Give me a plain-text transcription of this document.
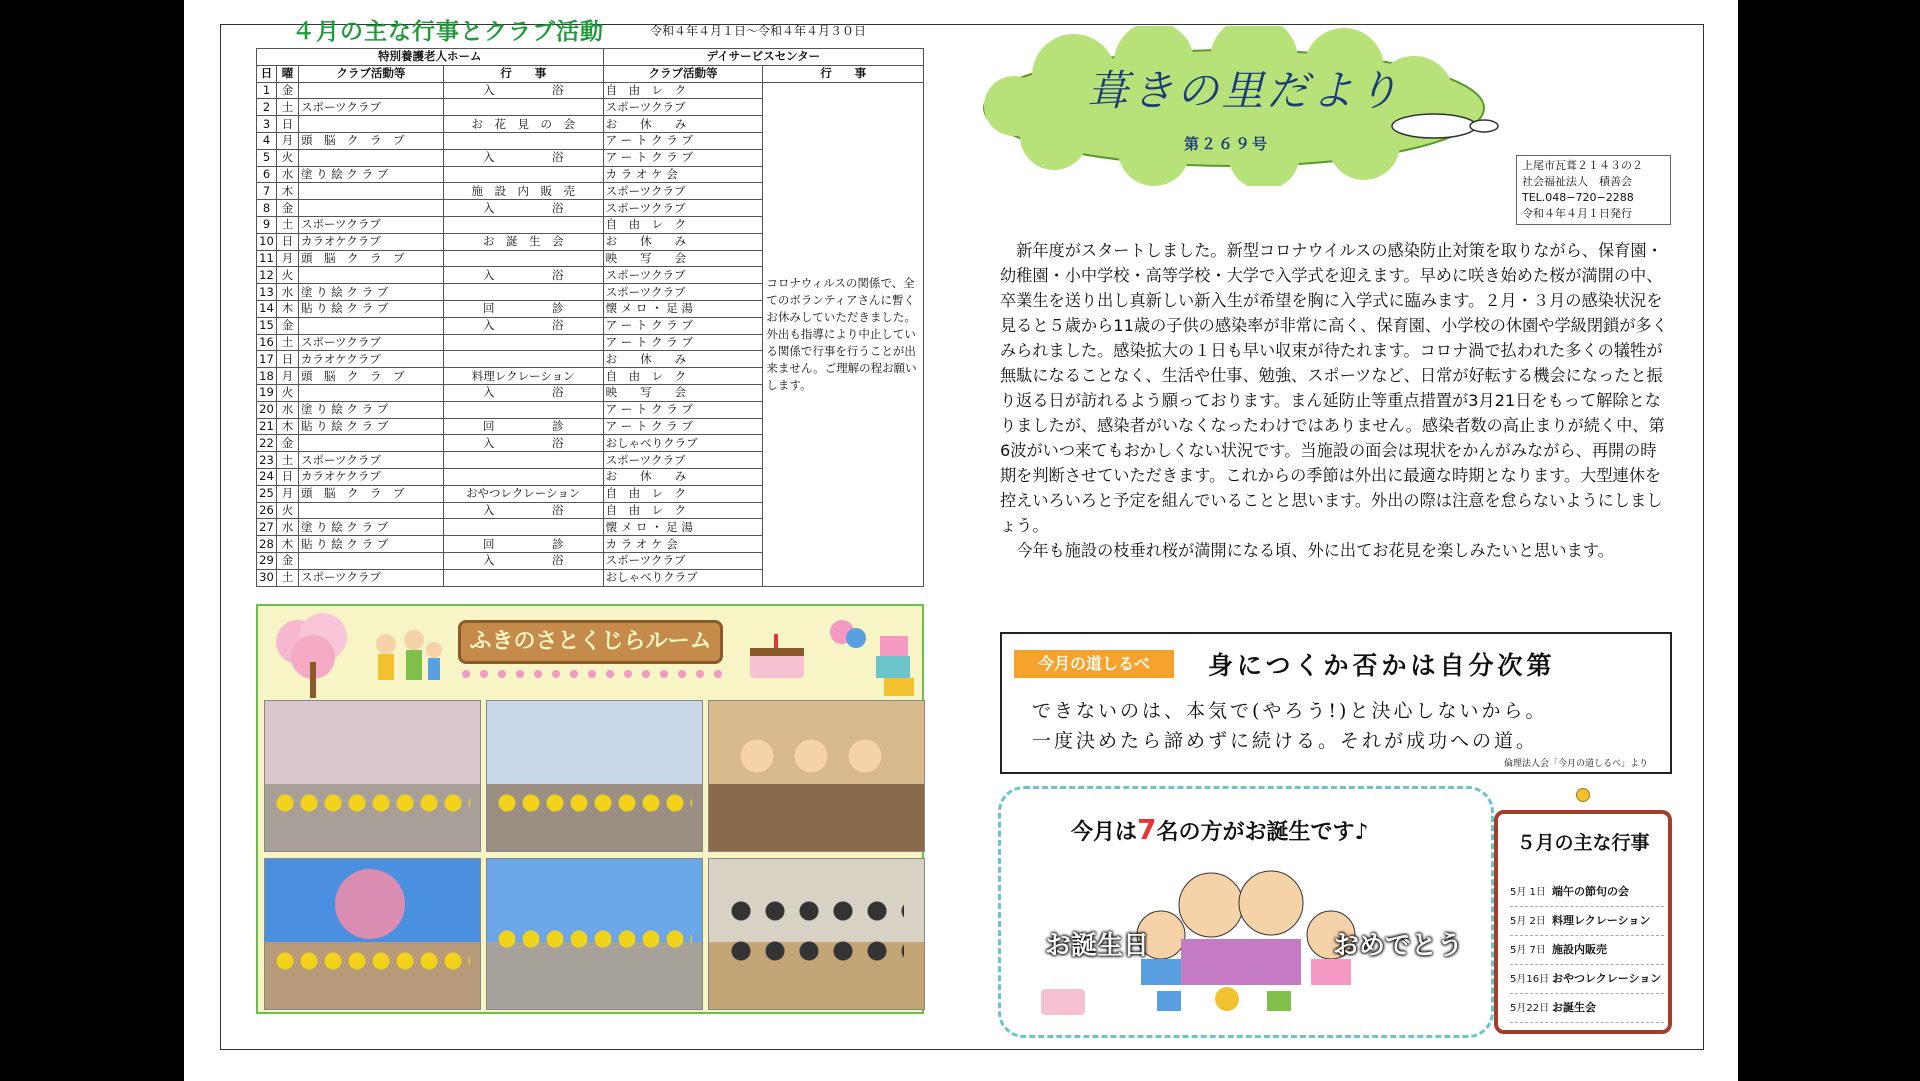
４月の主な行事とクラブ活動	令和４年４月１日〜令和４年４月３０日
特別養護老人ホーム				デイサービスセンター	
日	曜	クラブ活動等	行　　事	クラブ活動等	行　　事
1	金		入　　　　　浴	自　由　レ　ク	コロナウィルスの関係で、全てのボランティアさんに暫くお休みしていただきました。外出も指導により中止している関係で行事を行うことが出来ません。ご理解の程お願いします。
2	土	スポーツクラブ		スポーツクラブ	
3	日		お　花　見　の　会	お　　休　　み	
4	月	頭　脳　ク　ラ　ブ		ア ー ト ク ラ ブ	
5	火		入　　　　　浴	ア ー ト ク ラ ブ	
6	水	塗 り 絵 ク ラ ブ		カ ラ オ ケ 会	
7	木		施　設　内　販　売	スポーツクラブ	
8	金		入　　　　　浴	スポーツクラブ	
9	土	スポーツクラブ		自　由　レ　ク	
10	日	カラオケクラブ	お　誕　生　会	お　　休　　み	
11	月	頭　脳　ク　ラ　ブ		映　　写　　会	
12	火		入　　　　　浴	スポーツクラブ	
13	水	塗 り 絵 ク ラ ブ		スポーツクラブ	
14	木	貼 り 絵 ク ラ ブ	回　　　　　診	懐 メ ロ ・ 足 湯	
15	金		入　　　　　浴	ア ー ト ク ラ ブ	
16	土	スポーツクラブ		ア ー ト ク ラ ブ	
17	日	カラオケクラブ		お　　休　　み	
18	月	頭　脳　ク　ラ　ブ	料理レクレーション	自　由　レ　ク	
19	火		入　　　　　浴	映　　写　　会	
20	水	塗 り 絵 ク ラ ブ		ア ー ト ク ラ ブ	
21	木	貼 り 絵 ク ラ ブ	回　　　　　診	ア ー ト ク ラ ブ	
22	金		入　　　　　浴	おしゃべりクラブ	
23	土	スポーツクラブ		スポーツクラブ	
24	日	カラオケクラブ		お　　休　　み	
25	月	頭　脳　ク　ラ　ブ	おやつレクレーション	自　由　レ　ク	
26	火		入　　　　　浴	自　由　レ　ク	
27	水	塗 り 絵 ク ラ ブ		懐 メ ロ ・ 足 湯	
28	木	貼 り 絵 ク ラ ブ	回　　　　　診	カ ラ オ ケ 会	
29	金		入　　　　　浴	スポーツクラブ	
30	土	スポーツクラブ		おしゃべりクラブ	
ふきのさとくじらルーム
葺きの里だより
第２６９号
上尾市瓦葺２１４３の２
社会福祉法人　積善会
TEL.048−720−2288
令和４年４月１日発行

新年度がスタートしました。新型コロナウイルスの感染防止対策を取りながら、保育園・幼稚園・小中学校・高等学校・大学で入学式を迎えます。早めに咲き始めた桜が満開の中、卒業生を送り出し真新しい新入生が希望を胸に入学式に臨みます。２月・３月の感染状況を見ると５歳から11歳の子供の感染率が非常に高く、保育園、小学校の休園や学級閉鎖が多くみられました。感染拡大の１日も早い収束が待たれます。コロナ渦で払われた多くの犠牲が無駄になることなく、生活や仕事、勉強、スポーツなど、日常が好転する機会になったと振り返る日が訪れるよう願っております。まん延防止等重点措置が3月21日をもって解除となりましたが、感染者がいなくなったわけではありません。感染者数の高止まりが続く中、第6波がいつ来てもおかしくない状況です。当施設の面会は現状をかんがみながら、再開の時期を判断させていただきます。これからの季節は外出に最適な時期となります。大型連休を控えいろいろと予定を組んでいることと思います。外出の際は注意を怠らないようにしましょう。

今年も施設の枝垂れ桜が満開になる頃、外に出てお花見を楽しみたいと思います。

今月の道しるべ	身につくか否かは自分次第
できないのは、本気で(やろう!)と決心しないから。
一度決めたら諦めずに続ける。それが成功への道。
倫理法人会「今月の道しるべ」より
今月は7名の方がお誕生です♪
お誕生日	おめでとう
５月の主な行事
5月 1日 端午の節句の会
5月 2日 料理レクレーション
5月 7日 施設内販売
5月16日 おやつレクレーション
5月22日 お誕生会
